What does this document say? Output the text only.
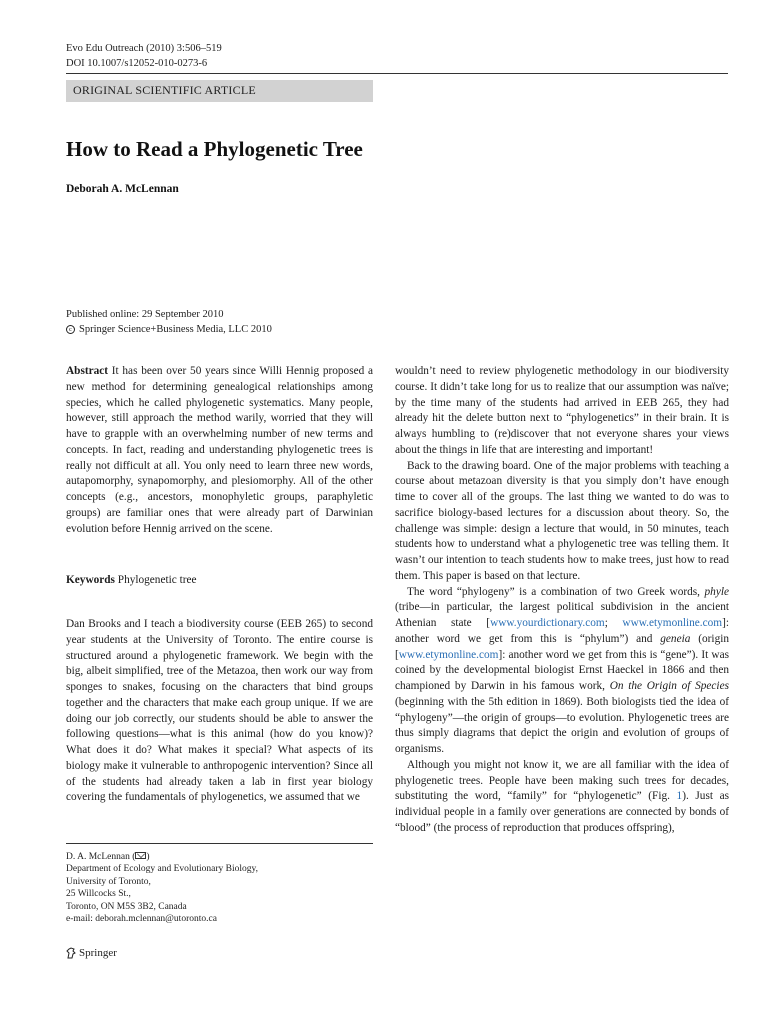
Evo Edu Outreach (2010) 3:506–519
DOI 10.1007/s12052-010-0273-6
ORIGINAL SCIENTIFIC ARTICLE
How to Read a Phylogenetic Tree
Deborah A. McLennan
Published online: 29 September 2010
c Springer Science+Business Media, LLC 2010

Abstract It has been over 50 years since Willi Hennig proposed a new method for determining genealogical relationships among species, which he called phylogenetic systematics. Many people, however, still approach the method warily, worried that they will have to grapple with an overwhelming number of new terms and concepts. In fact, reading and understanding phylogenetic trees is really not difficult at all. You only need to learn three new words, autapomorphy, synapomorphy, and plesiomorphy. All of the other concepts (e.g., ancestors, monophyletic groups, paraphyletic groups) are familiar ones that were already part of Darwinian evolution before Hennig arrived on the scene.

Keywords Phylogenetic tree

Dan Brooks and I teach a biodiversity course (EEB 265) to second year students at the University of Toronto. The entire course is structured around a phylogenetic framework. We begin with the big, albeit simplified, tree of the Metazoa, then work our way from sponges to snakes, focusing on the characters that bind groups together and the characters that make each group unique. If we are doing our job correctly, our students should be able to answer the following questions—what is this animal (how do you know)? What does it do? What makes it special? What aspects of its biology make it vulnerable to anthropogenic intervention? Since all of the students had already taken a lab in first year biology covering the fundamentals of phylogenetics, we assumed that we

wouldn’t need to review phylogenetic methodology in our biodiversity course. It didn’t take long for us to realize that our assumption was naïve; by the time many of the students had arrived in EEB 265, they had already hit the delete button next to “phylogenetics” in their brain. It is always humbling to (re)discover that not everyone shares your views about the things in life that are interesting and important!

Back to the drawing board. One of the major problems with teaching a course about metazoan diversity is that you simply don’t have enough time to cover all of the groups. The last thing we wanted to do was to sacrifice biology-based lectures for a discussion about theory. So, the challenge was simple: design a lecture that would, in 50 minutes, teach students how to understand what a phylogenetic tree was telling them. It wasn’t our intention to teach students how to make trees, just how to read them. This paper is based on that lecture.

The word “phylogeny” is a combination of two Greek words, phyle (tribe—in particular, the largest political subdivision in the ancient Athenian state [www.yourdictionary.com; www.etymonline.com]: another word we get from this is “phylum”) and geneia (origin [www.etymonline.com]: another word we get from this is “gene”). It was coined by the developmental biologist Ernst Haeckel in 1866 and then championed by Darwin in his famous work, On the Origin of Species (beginning with the 5th edition in 1869). Both biologists tied the idea of “phylogeny”—the origin of groups—to evolution. Phylogenetic trees are thus simply diagrams that depict the origin and evolution of groups of organisms.

Although you might not know it, we are all familiar with the idea of phylogenetic trees. People have been making such trees for decades, substituting the word, “family” for “phylogenetic” (Fig. 1). Just as individual people in a family over generations are connected by bonds of “blood” (the process of reproduction that produces offspring),

D. A. McLennan ( )
Department of Ecology and Evolutionary Biology,
University of Toronto,
25 Willcocks St.,
Toronto, ON M5S 3B2, Canada
e-mail: deborah.mclennan@utoronto.ca
Springer
